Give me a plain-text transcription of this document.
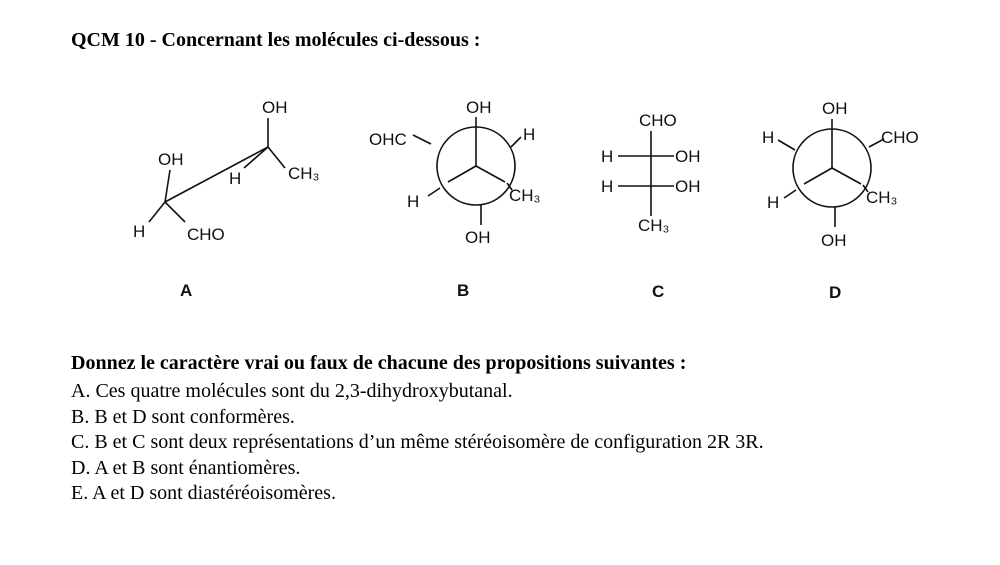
QCM 10 - Concernant les molécules ci-dessous :
OH
CH₃
H
OH
H CHO
A
OH
OHC	H
H	CH₃
OH
B
CHO
H	OH
H	OH
CH₃
C
OH
H	CHO
H	CH₃
OH
D
Donnez le caractère vrai ou faux de chacune des propositions suivantes :
A. Ces quatre molécules sont du 2,3-dihydroxybutanal.
B. B et D sont conformères.
C. B et C sont deux représentations d’un même stéréoisomère de configuration 2R 3R.
D. A et B sont énantiomères.
E. A et D sont diastéréoisomères.
